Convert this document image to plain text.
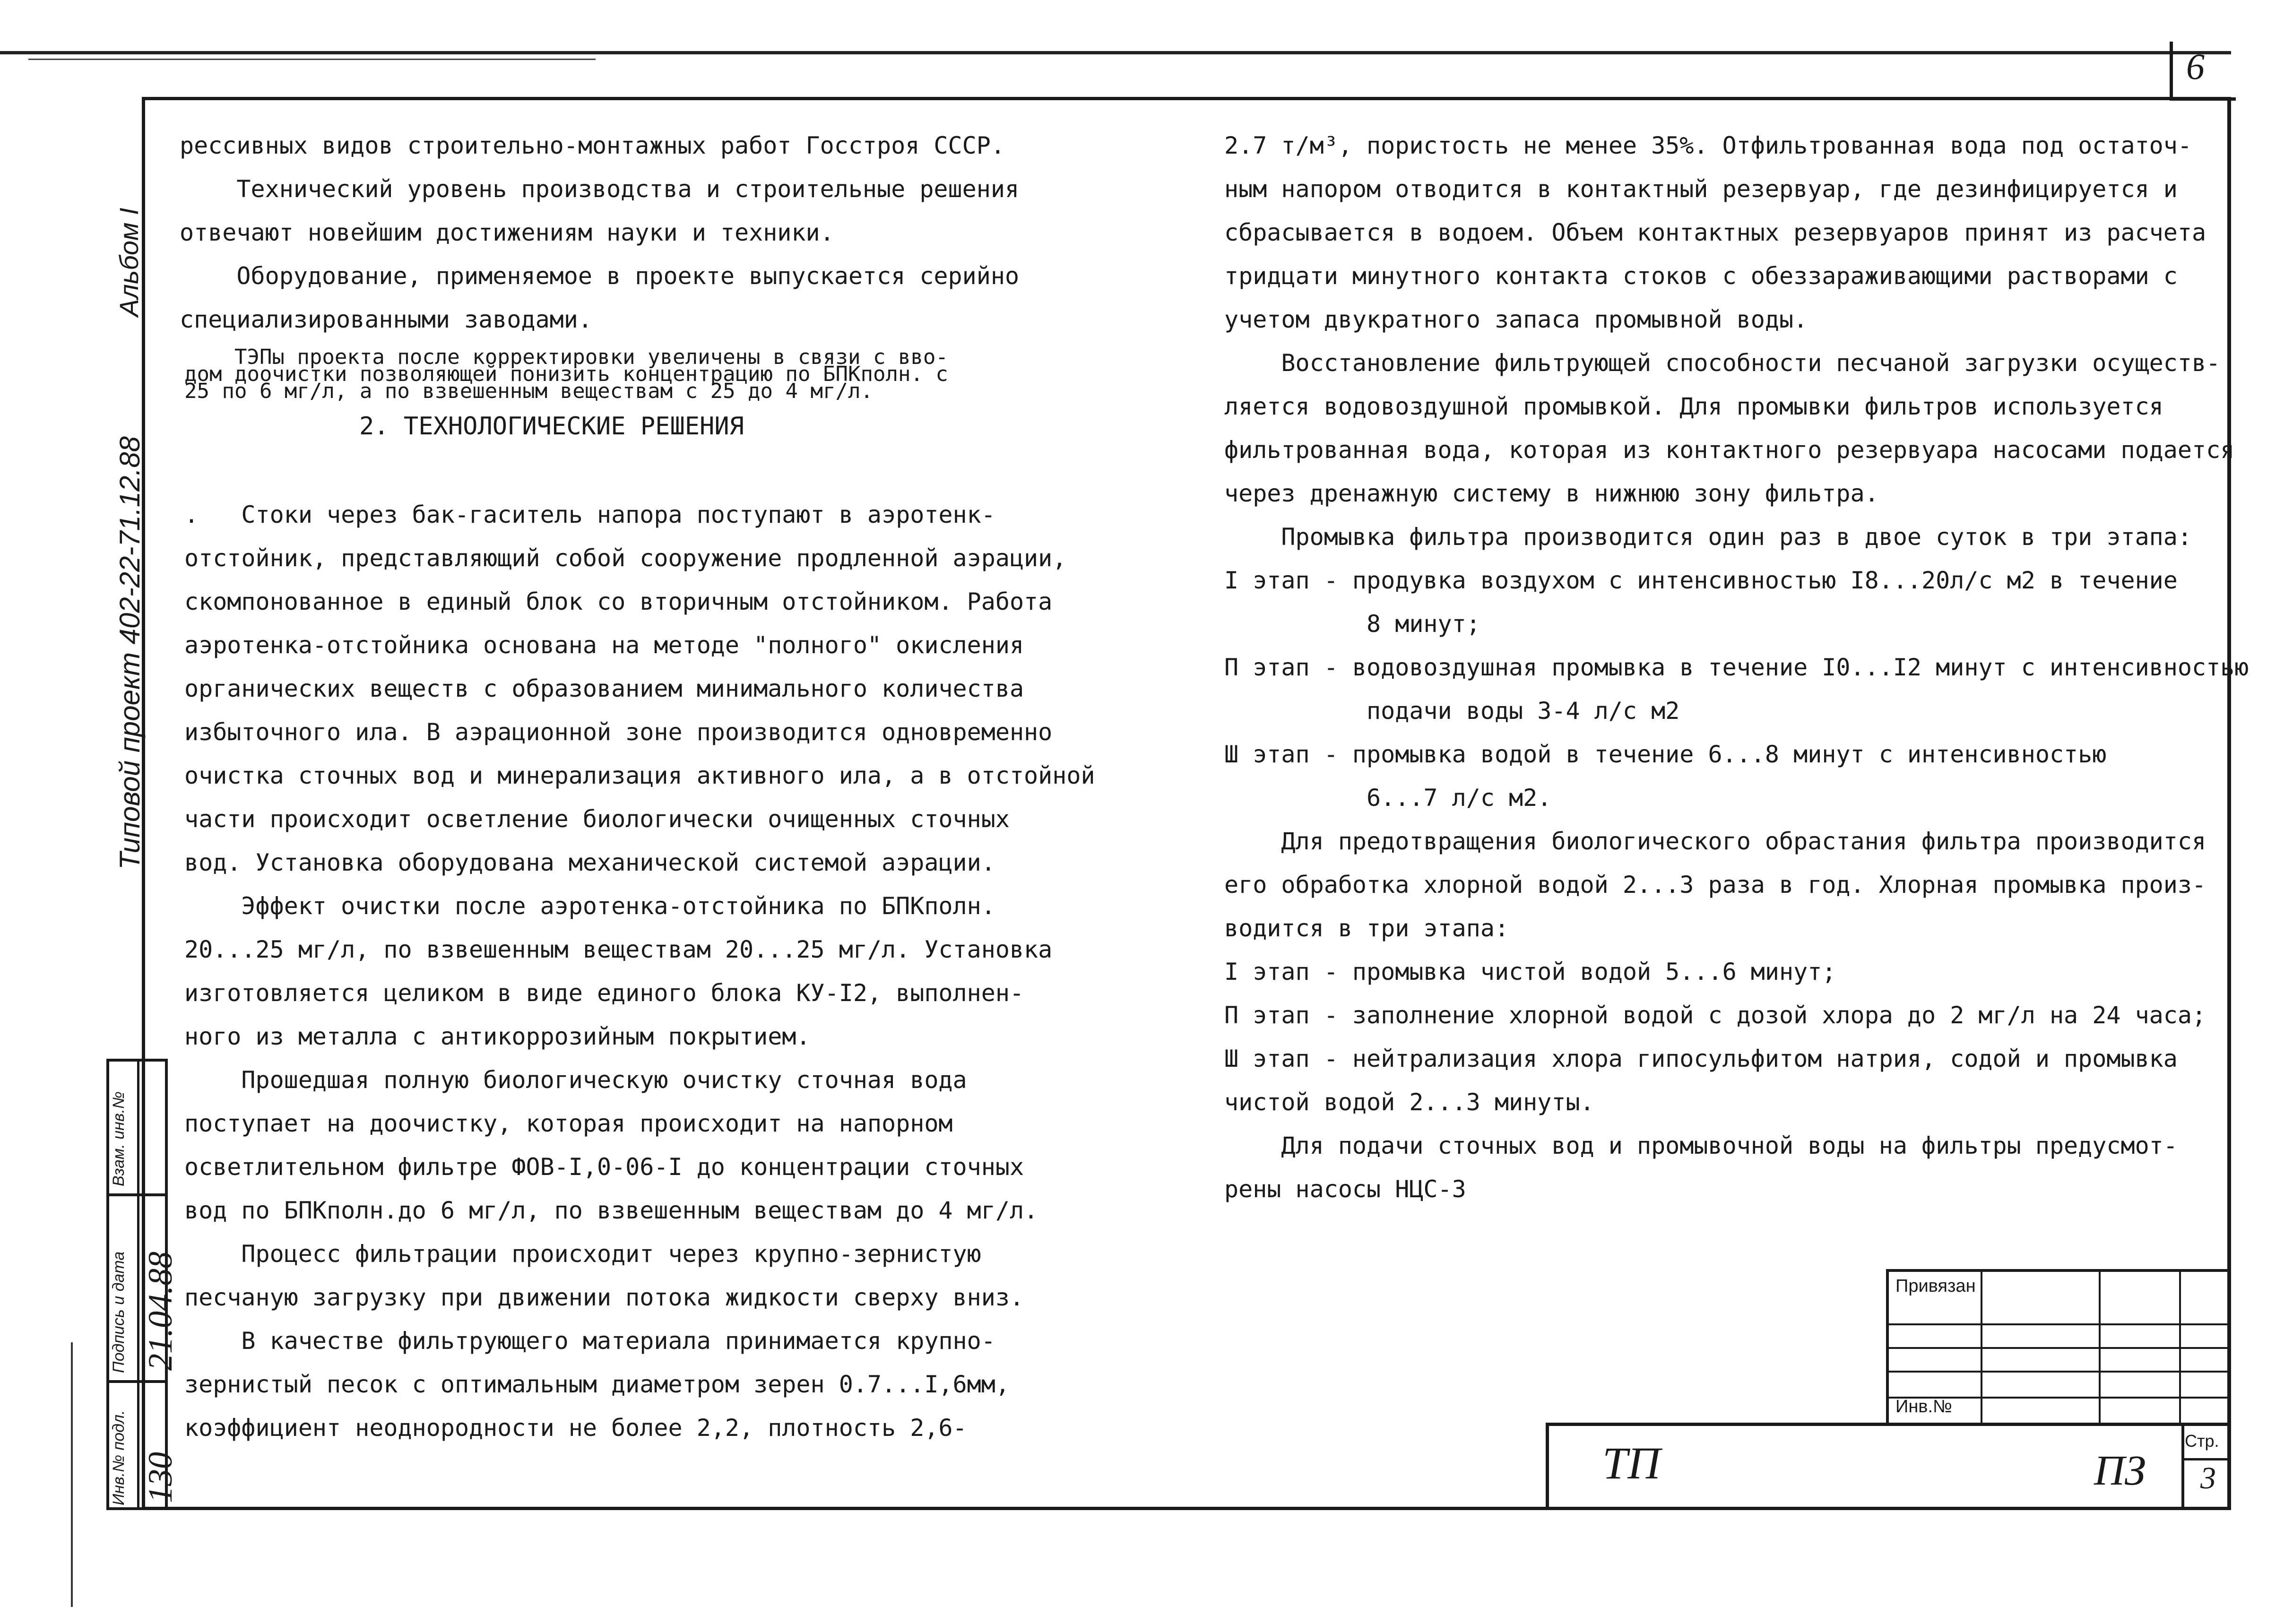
6
Альбом I
Типовой проект 402-22-71.12.88
Взам. инв.№
Подпись и дата 21.04.88
Инв.№ подл. 130
рессивных видов строительно-монтажных работ Госстроя СССР.
Технический уровень производства и строительные решения
отвечают новейшим достижениям науки и техники.
Оборудование, применяемое в проекте выпускается серийно
специализированными заводами.
ТЭПы проекта после корректировки увеличены в связи с вво-
дом доочистки позволяющей понизить концентрацию по БПКполн. с
25 по 6 мг/л, а по взвешенным веществам с 25 до 4 мг/л.
2. ТЕХНОЛОГИЧЕСКИЕ РЕШЕНИЯ
.   Стоки через бак-гаситель напора поступают в аэротенк-
отстойник, представляющий собой сооружение продленной аэрации,
скомпонованное в единый блок со вторичным отстойником. Работа
аэротенка-отстойника основана на методе "полного" окисления
органических веществ с образованием минимального количества
избыточного ила. В аэрационной зоне производится одновременно
очистка сточных вод и минерализация активного ила, а в отстойной
части происходит осветление биологически очищенных сточных
вод. Установка оборудована механической системой аэрации.
Эффект очистки после аэротенка-отстойника по БПКполн.
20...25 мг/л, по взвешенным веществам 20...25 мг/л. Установка
изготовляется целиком в виде единого блока КУ-I2, выполнен-
ного из металла с антикоррозийным покрытием.
Прошедшая полную биологическую очистку сточная вода
поступает на доочистку, которая происходит на напорном
осветлительном фильтре ФОВ-I,0-06-I до концентрации сточных
вод по БПКполн.до 6 мг/л, по взвешенным веществам до 4 мг/л.
Процесс фильтрации происходит через крупно-зернистую
песчаную загрузку при движении потока жидкости сверху вниз.
В качестве фильтрующего материала принимается крупно-
зернистый песок с оптимальным диаметром зерен 0.7...I,6мм,
коэффициент неоднородности не более 2,2, плотность 2,6-
2.7 т/м³, пористость не менее 35%. Отфильтрованная вода под остаточ-
ным напором отводится в контактный резервуар, где дезинфицируется и
сбрасывается в водоем. Объем контактных резервуаров принят из расчета
тридцати минутного контакта стоков с обеззараживающими растворами с
учетом двукратного запаса промывной воды.
Восстановление фильтрующей способности песчаной загрузки осуществ-
ляется водовоздушной промывкой. Для промывки фильтров используется
фильтрованная вода, которая из контактного резервуара насосами подается
через дренажную систему в нижнюю зону фильтра.
Промывка фильтра производится один раз в двое суток в три этапа:
I этап - продувка воздухом с интенсивностью I8...20л/с м2 в течение
8 минут;
П этап - водовоздушная промывка в течение I0...I2 минут с интенсивностью
подачи воды 3-4 л/с м2
Ш этап - промывка водой в течение 6...8 минут с интенсивностью
6...7 л/с м2.
Для предотвращения биологического обрастания фильтра производится
его обработка хлорной водой 2...3 раза в год. Хлорная промывка произ-
водится в три этапа:
I этап - промывка чистой водой 5...6 минут;
П этап - заполнение хлорной водой с дозой хлора до 2 мг/л на 24 часа;
Ш этап - нейтрализация хлора гипосульфитом натрия, содой и промывка
чистой водой 2...3 минуты.
Для подачи сточных вод и промывочной воды на фильтры предусмот-
рены насосы НЦС-3
Привязан
Инв.№
ТП	ПЗ
Стр.
3
